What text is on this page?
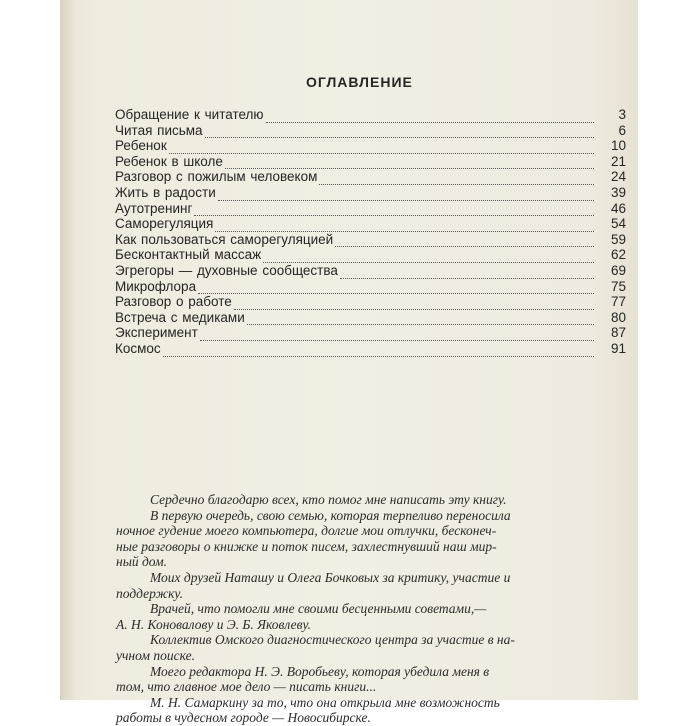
ОГЛАВЛЕНИЕ
Обращение к читателю	3
Читая письма	6
Ребенок	10
Ребенок в школе	21
Разговор с пожилым человеком	24
Жить в радости	39
Аутотренинг	46
Саморегуляция	54
Как пользоваться саморегуляцией	59
Бесконтактный массаж	62
Эгрегоры — духовные сообщества	69
Микрофлора	75
Разговор о работе	77
Встреча с медиками	80
Эксперимент	87
Космос	91
Сердечно благодарю всех, кто помог мне написать эту книгу.
В первую очередь, свою семью, которая терпеливо переносила
ночное гудение моего компьютера, долгие мои отлучки, бесконеч-
ные разговоры о книжке и поток писем, захлестнувший наш мир-
ный дом.
Моих друзей Наташу и Олега Бочковых за критику, участие и
поддержку.
Врачей, что помогли мне своими бесценными советами,—
А. Н. Коновалову и Э. Б. Яковлеву.
Коллектив Омского диагностического центра за участие в на-
учном поиске.
Моего редактора Н. Э. Воробьеву, которая убедила меня в
том, что главное мое дело — писать книги...
М. Н. Самаркину за то, что она открыла мне возможность
работы в чудесном городе — Новосибирске.
